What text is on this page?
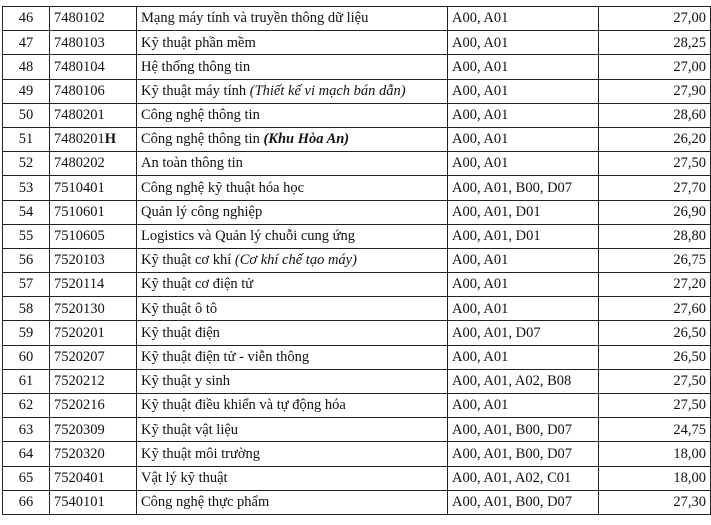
46	7480102	Mạng máy tính và truyền thông dữ liệu	A00, A01	27,00
47	7480103	Kỹ thuật phần mềm	A00, A01	28,25
48	7480104	Hệ thống thông tin	A00, A01	27,00
49	7480106	Kỹ thuật máy tính (Thiết kế vi mạch bán dẫn)	A00, A01	27,90
50	7480201	Công nghệ thông tin	A00, A01	28,60
51	7480201H	Công nghệ thông tin (Khu Hòa An)	A00, A01	26,20
52	7480202	An toàn thông tin	A00, A01	27,50
53	7510401	Công nghệ kỹ thuật hóa học	A00, A01, B00, D07	27,70
54	7510601	Quản lý công nghiệp	A00, A01, D01	26,90
55	7510605	Logistics và Quản lý chuỗi cung ứng	A00, A01, D01	28,80
56	7520103	Kỹ thuật cơ khí (Cơ khí chế tạo máy)	A00, A01	26,75
57	7520114	Kỹ thuật cơ điện tử	A00, A01	27,20
58	7520130	Kỹ thuật ô tô	A00, A01	27,60
59	7520201	Kỹ thuật điện	A00, A01, D07	26,50
60	7520207	Kỹ thuật điện tử - viễn thông	A00, A01	26,50
61	7520212	Kỹ thuật y sinh	A00, A01, A02, B08	27,50
62	7520216	Kỹ thuật điều khiển và tự động hóa	A00, A01	27,50
63	7520309	Kỹ thuật vật liệu	A00, A01, B00, D07	24,75
64	7520320	Kỹ thuật môi trường	A00, A01, B00, D07	18,00
65	7520401	Vật lý kỹ thuật	A00, A01, A02, C01	18,00
66	7540101	Công nghệ thực phẩm	A00, A01, B00, D07	27,30
